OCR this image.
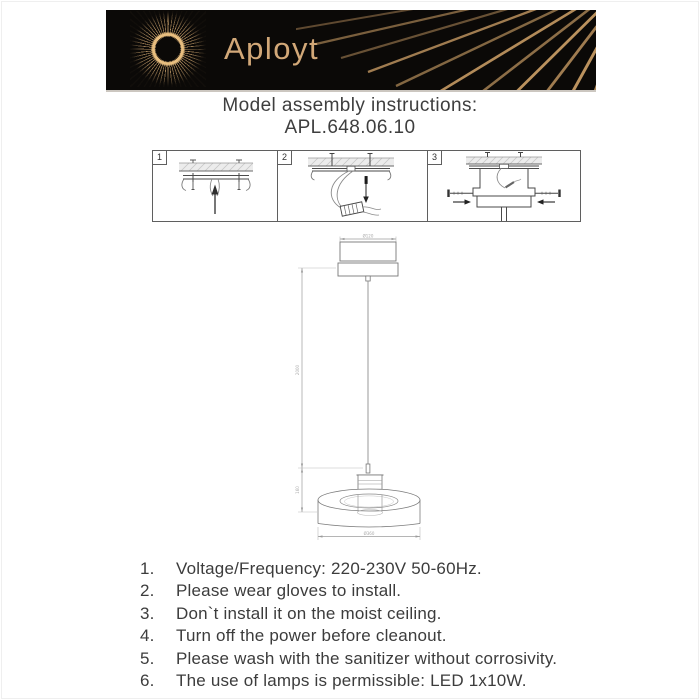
Aployt
Model assembly instructions:
APL.648.06.10
1	2	3
Ø120
Ø360
2000
160
1.	Voltage/Frequency: 220-230V 50-60Hz.
2.	Please wear gloves to install.
3.	Don`t install it on the moist ceiling.
4.	Turn off the power before cleanout.
5.	Please wash with the sanitizer without corrosivity.
6.	The use of lamps is permissible: LED 1x10W.
